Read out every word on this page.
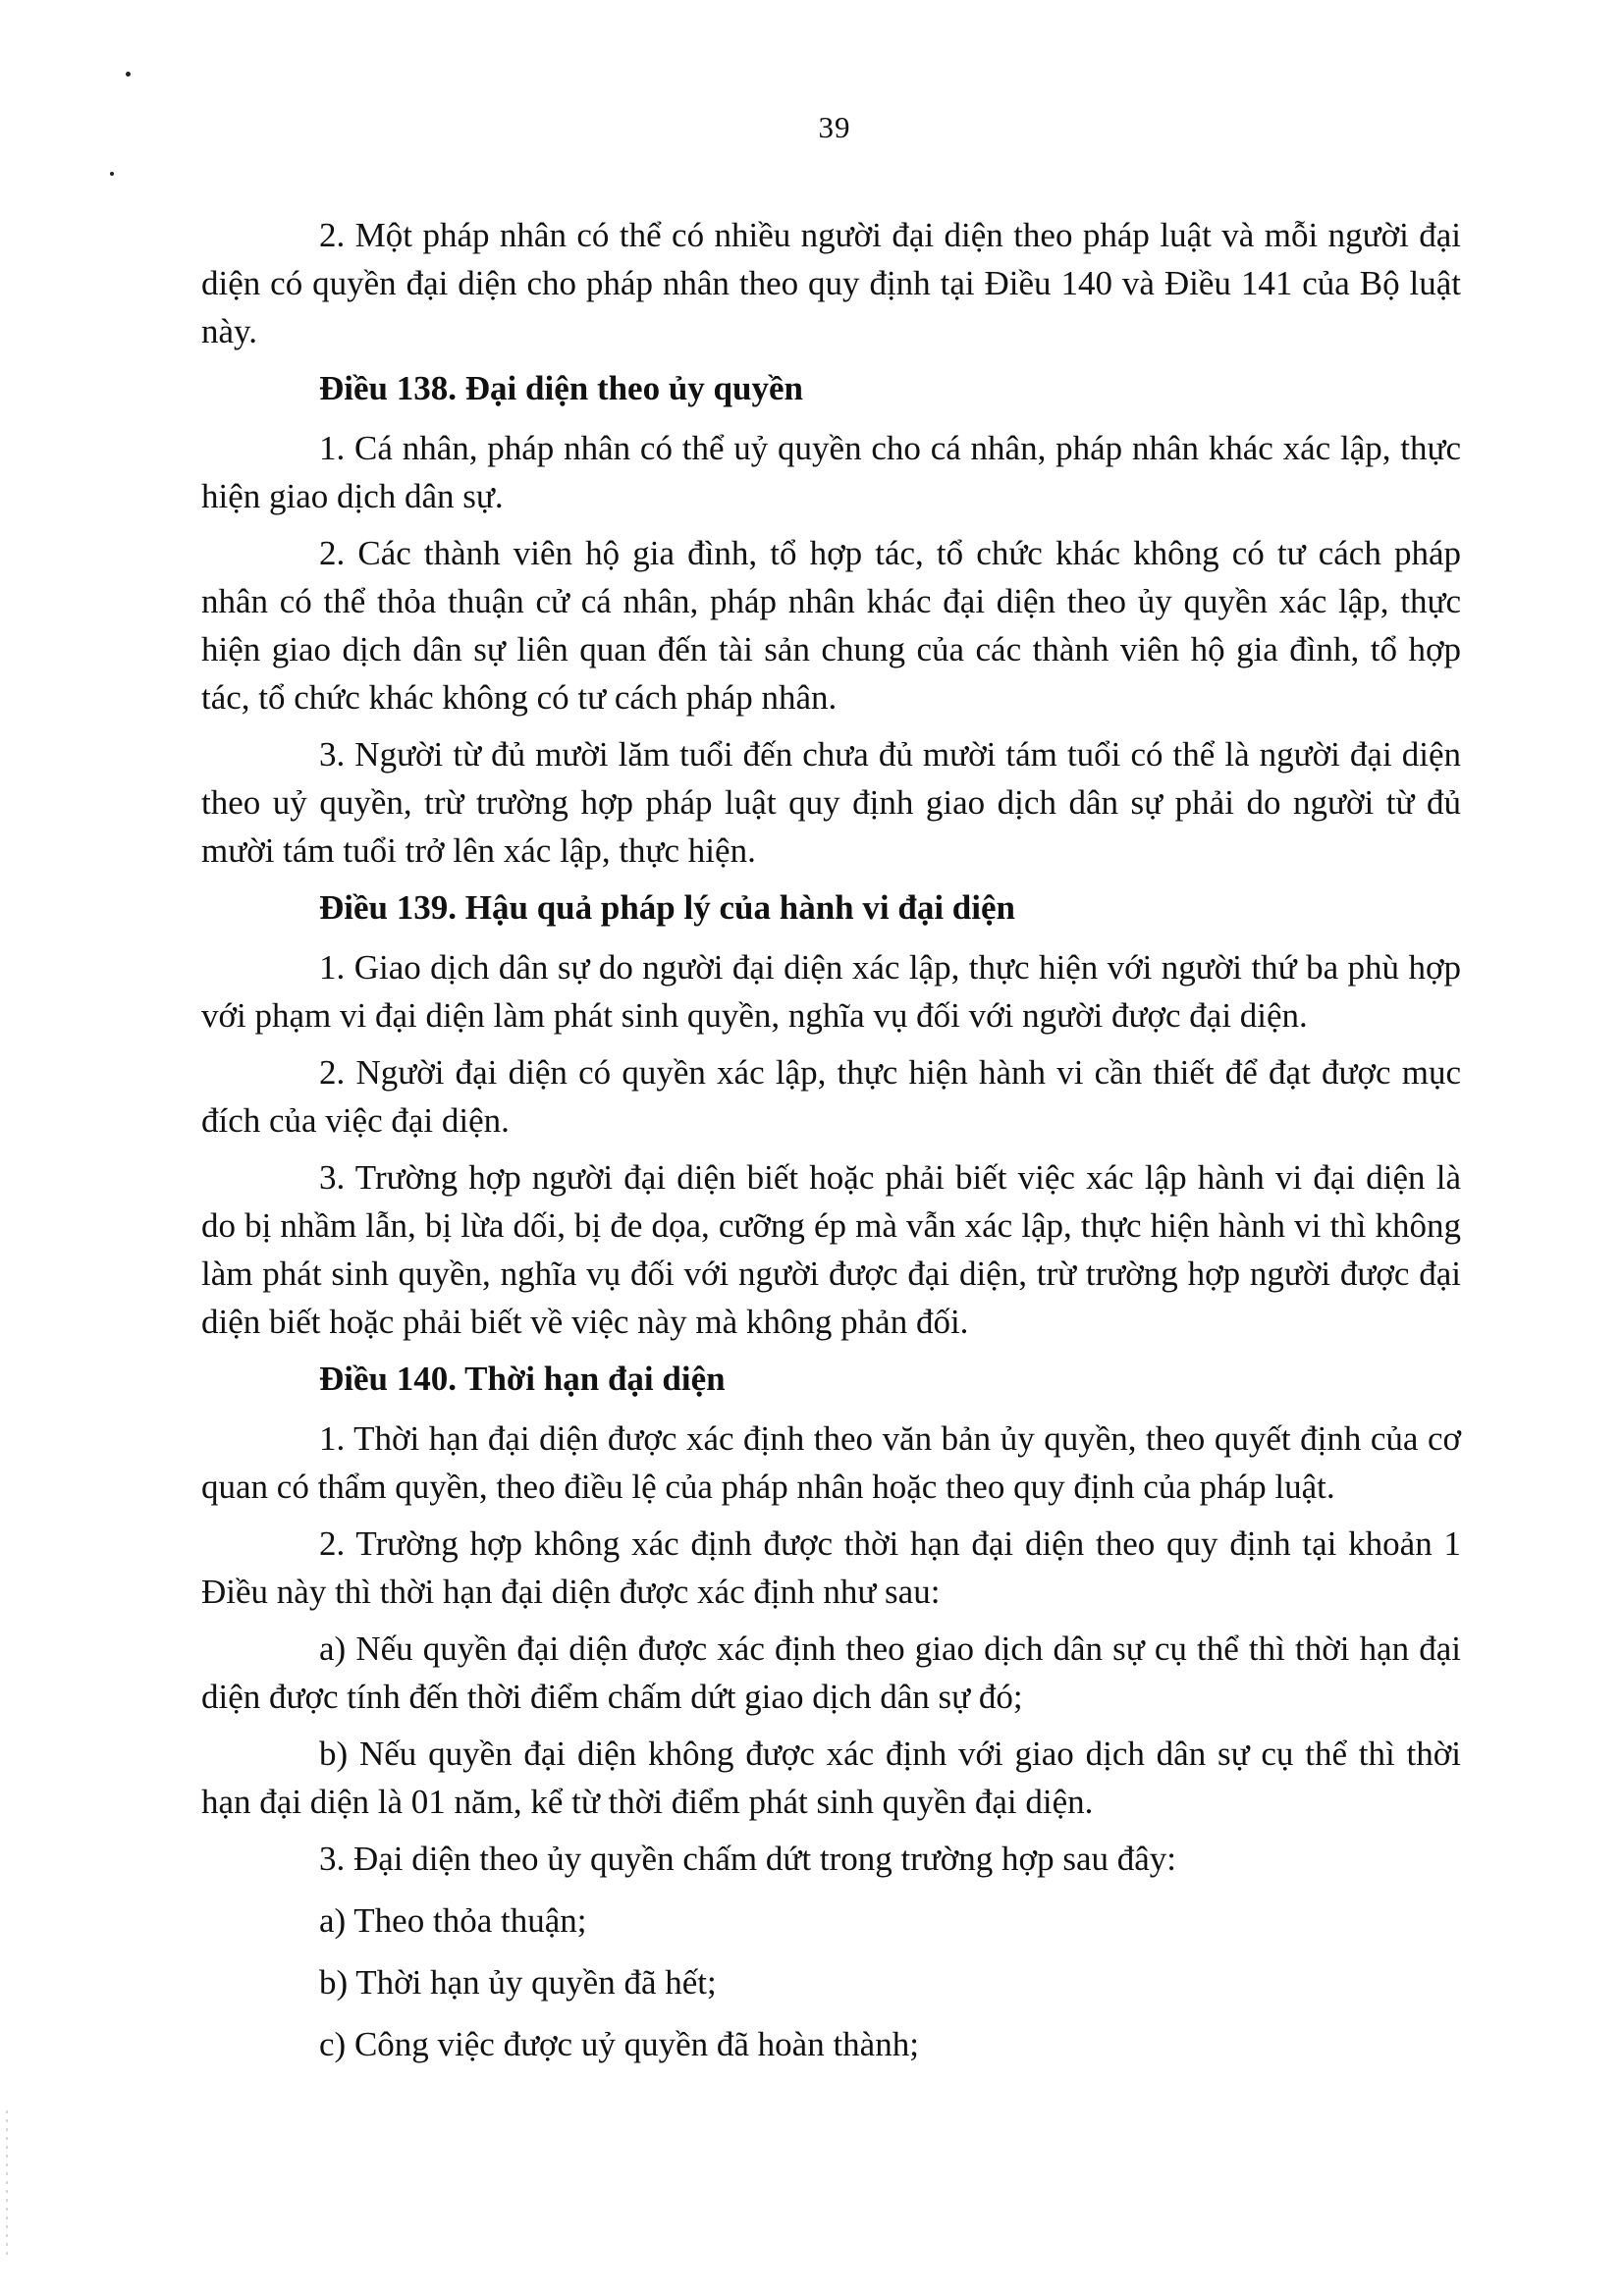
39

2. Một pháp nhân có thể có nhiều người đại diện theo pháp luật và mỗi người đại diện có quyền đại diện cho pháp nhân theo quy định tại Điều 140 và Điều 141 của Bộ luật này.

Điều 138. Đại diện theo ủy quyền

1. Cá nhân, pháp nhân có thể uỷ quyền cho cá nhân, pháp nhân khác xác lập, thực hiện giao dịch dân sự.

2. Các thành viên hộ gia đình, tổ hợp tác, tổ chức khác không có tư cách pháp nhân có thể thỏa thuận cử cá nhân, pháp nhân khác đại diện theo ủy quyền xác lập, thực hiện giao dịch dân sự liên quan đến tài sản chung của các thành viên hộ gia đình, tổ hợp tác, tổ chức khác không có tư cách pháp nhân.

3. Người từ đủ mười lăm tuổi đến chưa đủ mười tám tuổi có thể là người đại diện theo uỷ quyền, trừ trường hợp pháp luật quy định giao dịch dân sự phải do người từ đủ mười tám tuổi trở lên xác lập, thực hiện.

Điều 139. Hậu quả pháp lý của hành vi đại diện

1. Giao dịch dân sự do người đại diện xác lập, thực hiện với người thứ ba phù hợp với phạm vi đại diện làm phát sinh quyền, nghĩa vụ đối với người được đại diện.

2. Người đại diện có quyền xác lập, thực hiện hành vi cần thiết để đạt được mục đích của việc đại diện.

3. Trường hợp người đại diện biết hoặc phải biết việc xác lập hành vi đại diện là do bị nhầm lẫn, bị lừa dối, bị đe dọa, cưỡng ép mà vẫn xác lập, thực hiện hành vi thì không làm phát sinh quyền, nghĩa vụ đối với người được đại diện, trừ trường hợp người được đại diện biết hoặc phải biết về việc này mà không phản đối.

Điều 140. Thời hạn đại diện

1. Thời hạn đại diện được xác định theo văn bản ủy quyền, theo quyết định của cơ quan có thẩm quyền, theo điều lệ của pháp nhân hoặc theo quy định của pháp luật.

2. Trường hợp không xác định được thời hạn đại diện theo quy định tại khoản 1 Điều này thì thời hạn đại diện được xác định như sau:

a) Nếu quyền đại diện được xác định theo giao dịch dân sự cụ thể thì thời hạn đại diện được tính đến thời điểm chấm dứt giao dịch dân sự đó;

b) Nếu quyền đại diện không được xác định với giao dịch dân sự cụ thể thì thời hạn đại diện là 01 năm, kể từ thời điểm phát sinh quyền đại diện.

3. Đại diện theo ủy quyền chấm dứt trong trường hợp sau đây:

a) Theo thỏa thuận;

b) Thời hạn ủy quyền đã hết;

c) Công việc được uỷ quyền đã hoàn thành;
